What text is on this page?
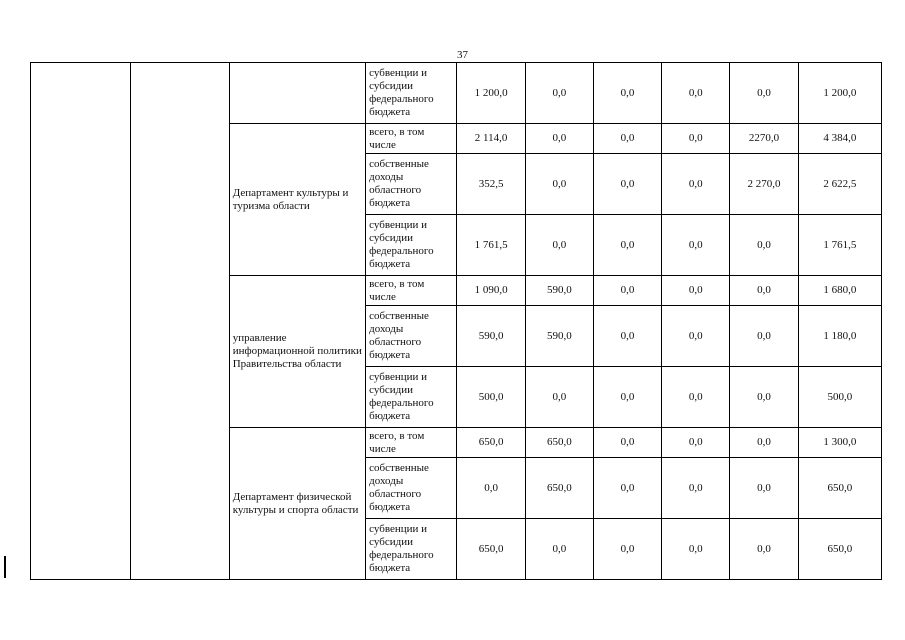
37
			субвенции и субсидии федерального бюджета	1 200,0	0,0	0,0	0,0	0,0	1 200,0
		Департамент культуры и туризма области	всего, в том числе	2 114,0	0,0	0,0	0,0	2270,0	4 384,0
			собственные доходы областного бюджета	352,5	0,0	0,0	0,0	2 270,0	2 622,5
			субвенции и субсидии федерального бюджета	1 761,5	0,0	0,0	0,0	0,0	1 761,5
		управление информационной политики Правительства области	всего, в том числе	1 090,0	590,0	0,0	0,0	0,0	1 680,0
			собственные доходы областного бюджета	590,0	590,0	0,0	0,0	0,0	1 180,0
			субвенции и субсидии федерального бюджета	500,0	0,0	0,0	0,0	0,0	500,0
		Департамент физической культуры и спорта области	всего, в том числе	650,0	650,0	0,0	0,0	0,0	1 300,0
			собственные доходы областного бюджета	0,0	650,0	0,0	0,0	0,0	650,0
			субвенции и субсидии федерального бюджета	650,0	0,0	0,0	0,0	0,0	650,0
